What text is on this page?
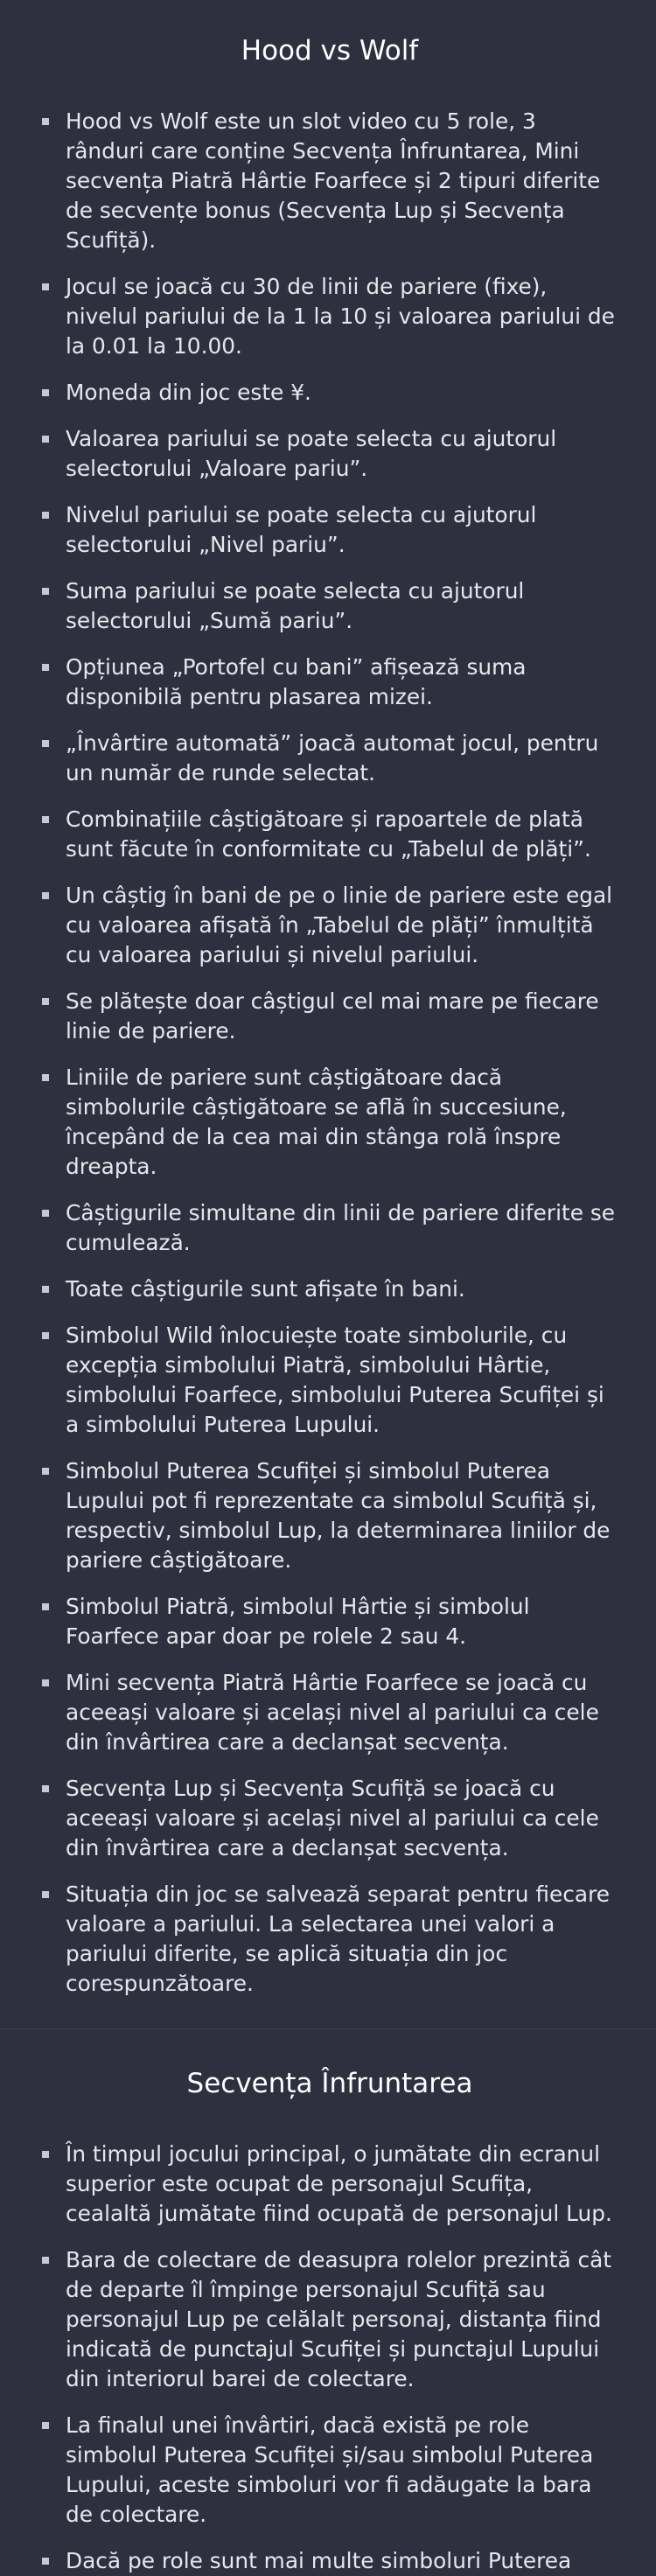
Hood vs Wolf
Hood vs Wolf este un slot video cu 5 role, 3 rânduri care conține Secvența Înfruntarea, Mini secvența Piatră Hârtie Foarfece și 2 tipuri diferite de secvențe bonus (Secvența Lup și Secvența Scufiță).
Jocul se joacă cu 30 de linii de pariere (fixe), nivelul pariului de la 1 la 10 și valoarea pariului de la 0.01 la 10.00.
Moneda din joc este ¥.
Valoarea pariului se poate selecta cu ajutorul selectorului „Valoare pariu”.
Nivelul pariului se poate selecta cu ajutorul selectorului „Nivel pariu”.
Suma pariului se poate selecta cu ajutorul selectorului „Sumă pariu”.
Opțiunea „Portofel cu bani” afișează suma disponibilă pentru plasarea mizei.
„Învârtire automată” joacă automat jocul, pentru un număr de runde selectat.
Combinațiile câștigătoare și rapoartele de plată sunt făcute în conformitate cu „Tabelul de plăți”.
Un câștig în bani de pe o linie de pariere este egal cu valoarea afișată în „Tabelul de plăți” înmulțită cu valoarea pariului și nivelul pariului.
Se plătește doar câștigul cel mai mare pe fiecare linie de pariere.
Liniile de pariere sunt câștigătoare dacă simbolurile câștigătoare se află în succesiune, începând de la cea mai din stânga rolă înspre dreapta.
Câștigurile simultane din linii de pariere diferite se cumulează.
Toate câștigurile sunt afișate în bani.
Simbolul Wild înlocuiește toate simbolurile, cu excepția simbolului Piatră, simbolului Hârtie, simbolului Foarfece, simbolului Puterea Scufiței și a simbolului Puterea Lupului.
Simbolul Puterea Scufiței și simbolul Puterea Lupului pot fi reprezentate ca simbolul Scufiță și, respectiv, simbolul Lup, la determinarea liniilor de pariere câștigătoare.
Simbolul Piatră, simbolul Hârtie și simbolul Foarfece apar doar pe rolele 2 sau 4.
Mini secvența Piatră Hârtie Foarfece se joacă cu aceeași valoare și același nivel al pariului ca cele din învârtirea care a declanșat secvența.
Secvența Lup și Secvența Scufiță se joacă cu aceeași valoare și același nivel al pariului ca cele din învârtirea care a declanșat secvența.
Situația din joc se salvează separat pentru fiecare valoare a pariului. La selectarea unei valori a pariului diferite, se aplică situația din joc corespunzătoare.
Secvența Înfruntarea
În timpul jocului principal, o jumătate din ecranul superior este ocupat de personajul Scufița, cealaltă jumătate fiind ocupată de personajul Lup.
Bara de colectare de deasupra rolelor prezintă cât de departe îl împinge personajul Scufiță sau personajul Lup pe celălalt personaj, distanța fiind indicată de punctajul Scufiței și punctajul Lupului din interiorul barei de colectare.
La finalul unei învârtiri, dacă există pe role simbolul Puterea Scufiței și/sau simbolul Puterea Lupului, aceste simboluri vor fi adăugate la bara de colectare.
Dacă pe role sunt mai multe simboluri Puterea
